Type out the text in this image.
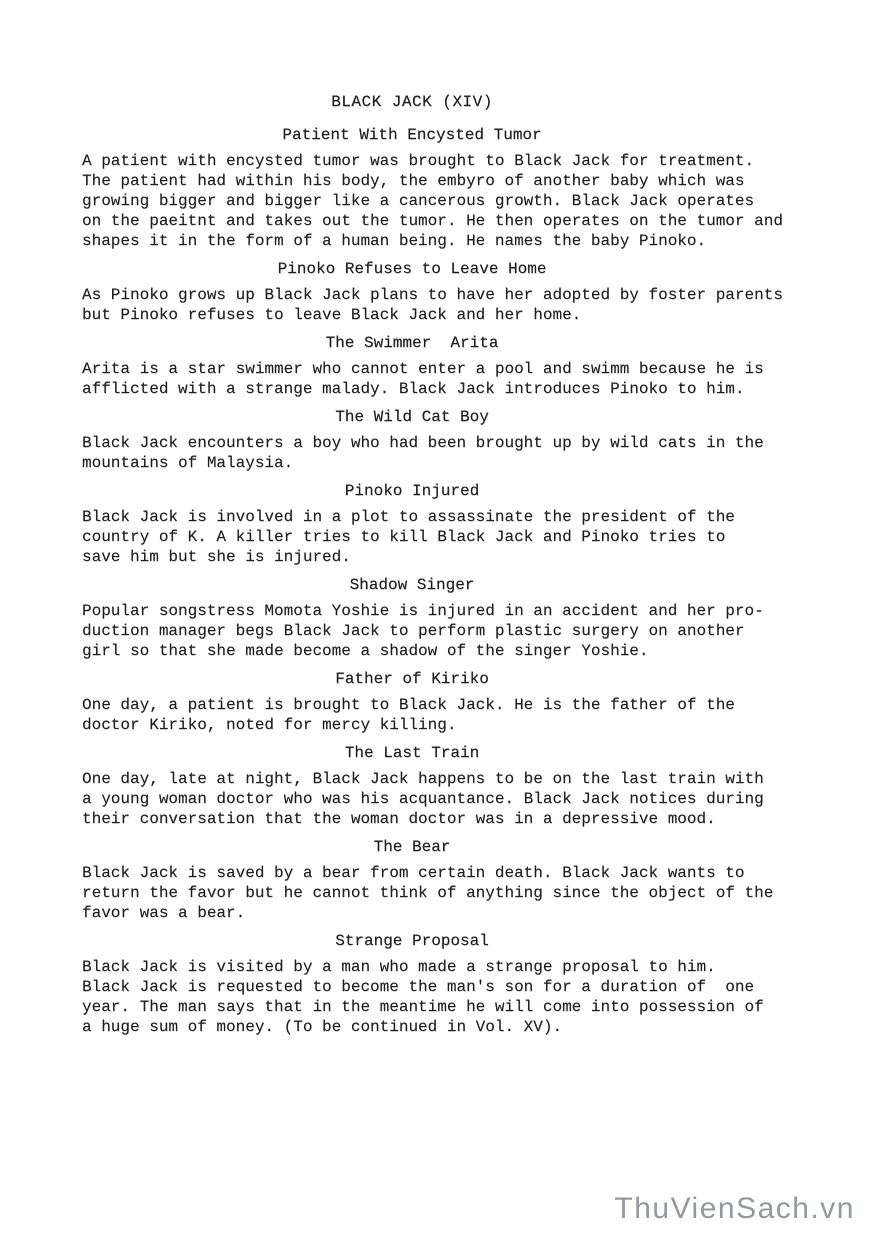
BLACK JACK (XIV)
Patient With Encysted Tumor

A patient with encysted tumor was brought to Black Jack for treatment.
The patient had within his body, the embyro of another baby which was
growing bigger and bigger like a cancerous growth. Black Jack operates
on the paeitnt and takes out the tumor. He then operates on the tumor and
shapes it in the form of a human being. He names the baby Pinoko.

Pinoko Refuses to Leave Home

As Pinoko grows up Black Jack plans to have her adopted by foster parents
but Pinoko refuses to leave Black Jack and her home.

The Swimmer  Arita

Arita is a star swimmer who cannot enter a pool and swimm because he is
afflicted with a strange malady. Black Jack introduces Pinoko to him.

The Wild Cat Boy

Black Jack encounters a boy who had been brought up by wild cats in the
mountains of Malaysia.

Pinoko Injured

Black Jack is involved in a plot to assassinate the president of the
country of K. A killer tries to kill Black Jack and Pinoko tries to
save him but she is injured.

Shadow Singer

Popular songstress Momota Yoshie is injured in an accident and her pro-
duction manager begs Black Jack to perform plastic surgery on another
girl so that she made become a shadow of the singer Yoshie.

Father of Kiriko

One day, a patient is brought to Black Jack. He is the father of the
doctor Kiriko, noted for mercy killing.

The Last Train

One day, late at night, Black Jack happens to be on the last train with
a young woman doctor who was his acquantance. Black Jack notices during
their conversation that the woman doctor was in a depressive mood.

The Bear

Black Jack is saved by a bear from certain death. Black Jack wants to
return the favor but he cannot think of anything since the object of the
favor was a bear.

Strange Proposal

Black Jack is visited by a man who made a strange proposal to him.
Black Jack is requested to become the man's son for a duration of  one
year. The man says that in the meantime he will come into possession of
a huge sum of money. (To be continued in Vol. XV).

ThuVienSach.vn
